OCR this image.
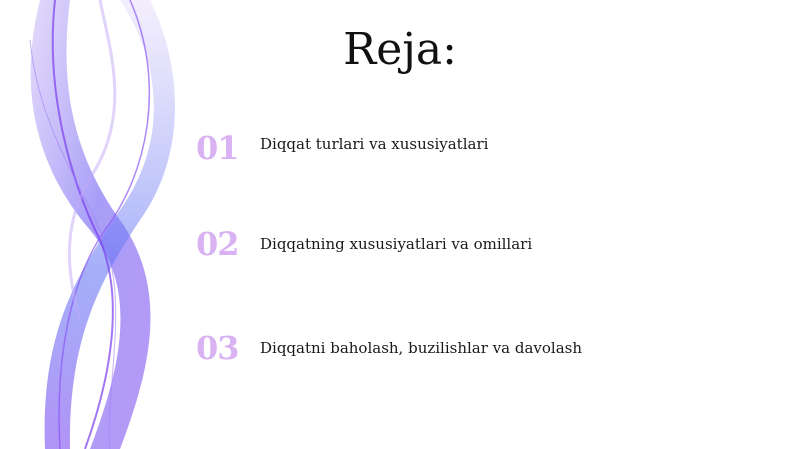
Reja:
01	Diqqat turlari va xususiyatlari
02	Diqqatning xususiyatlari va omillari
03	Diqqatni baholash, buzilishlar va davolash
